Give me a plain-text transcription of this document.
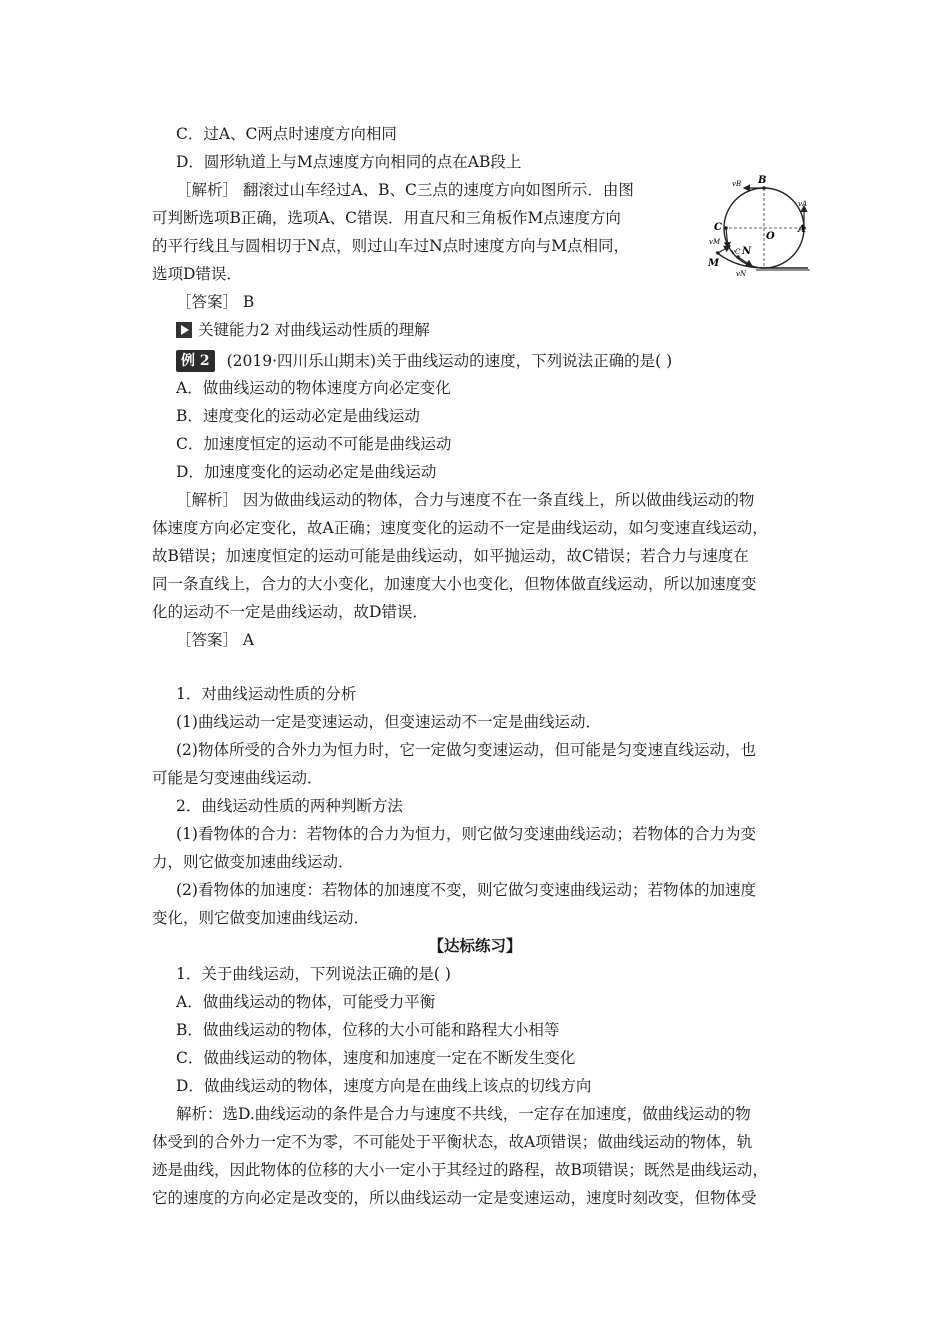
C．过A、C两点时速度方向相同
D．圆形轨道上与M点速度方向相同的点在AB段上
［解析］ 翻滚过山车经过A、B、C三点的速度方向如图所示．由图
可判断选项B正确，选项A、C错误．用直尺和三角板作M点速度方向
的平行线且与圆相切于N点，则过山车过N点时速度方向与M点相同，
选项D错误．
［答案］ B
关键能力2 对曲线运动性质的理解
例 2	(2019·四川乐山期末)关于曲线运动的速度，下列说法正确的是( )
A．做曲线运动的物体速度方向必定变化
B．速度变化的运动必定是曲线运动
C．加速度恒定的运动不可能是曲线运动
D．加速度变化的运动必定是曲线运动
［解析］ 因为做曲线运动的物体，合力与速度不在一条直线上，所以做曲线运动的物
体速度方向必定变化，故A正确；速度变化的运动不一定是曲线运动，如匀变速直线运动，
故B错误；加速度恒定的运动可能是曲线运动，如平抛运动，故C错误；若合力与速度在
同一条直线上，合力的大小变化，加速度大小也变化，但物体做直线运动，所以加速度变
化的运动不一定是曲线运动，故D错误．
［答案］ A
1．对曲线运动性质的分析
(1)曲线运动一定是变速运动，但变速运动不一定是曲线运动．
(2)物体所受的合外力为恒力时，它一定做匀变速运动，但可能是匀变速直线运动，也
可能是匀变速曲线运动．
2．曲线运动性质的两种判断方法
(1)看物体的合力：若物体的合力为恒力，则它做匀变速曲线运动；若物体的合力为变
力，则它做变加速曲线运动．
(2)看物体的加速度：若物体的加速度不变，则它做匀变速曲线运动；若物体的加速度
变化，则它做变加速曲线运动．
【达标练习】
1．关于曲线运动，下列说法正确的是( )
A．做曲线运动的物体，可能受力平衡
B．做曲线运动的物体，位移的大小可能和路程大小相等
C．做曲线运动的物体，速度和加速度一定在不断发生变化
D．做曲线运动的物体，速度方向是在曲线上该点的切线方向
解析：选D.曲线运动的条件是合力与速度不共线，一定存在加速度，做曲线运动的物
体受到的合外力一定不为零，不可能处于平衡状态，故A项错误；做曲线运动的物体，轨
迹是曲线，因此物体的位移的大小一定小于其经过的路程，故B项错误；既然是曲线运动，
它的速度的方向必定是改变的，所以曲线运动一定是变速运动，速度时刻改变，但物体受
B
vB
vA
A
O
C
vM
vC N
M
vN
